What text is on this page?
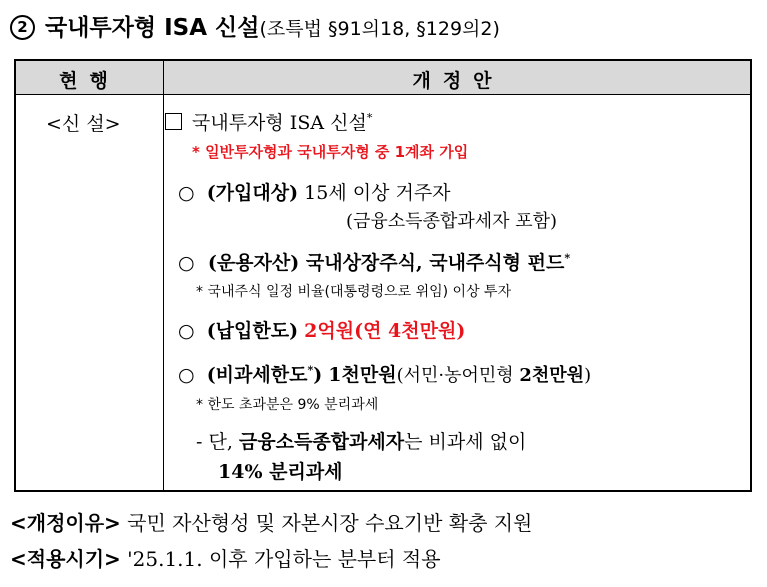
2 국내투자형 ISA 신설(조특법 §91의18, §129의2)
현행	개정안
<신 설>	국내투자형 ISA 신설*
* 일반투자형과 국내투자형 중 1계좌 가입
○ (가입대상) 15세 이상 거주자
(금융소득종합과세자 포함)
○ (운용자산) 국내상장주식, 국내주식형 펀드*
* 국내주식 일정 비율(대통령령으로 위임) 이상 투자
○ (납입한도) 2억원(연 4천만원)
○ (비과세한도*) 1천만원(서민·농어민형 2천만원)
* 한도 초과분은 9% 분리과세
- 단, 금융소득종합과세자는 비과세 없이
14% 분리과세
<개정이유> 국민 자산형성 및 자본시장 수요기반 확충 지원
<적용시기> '25.1.1. 이후 가입하는 분부터 적용
